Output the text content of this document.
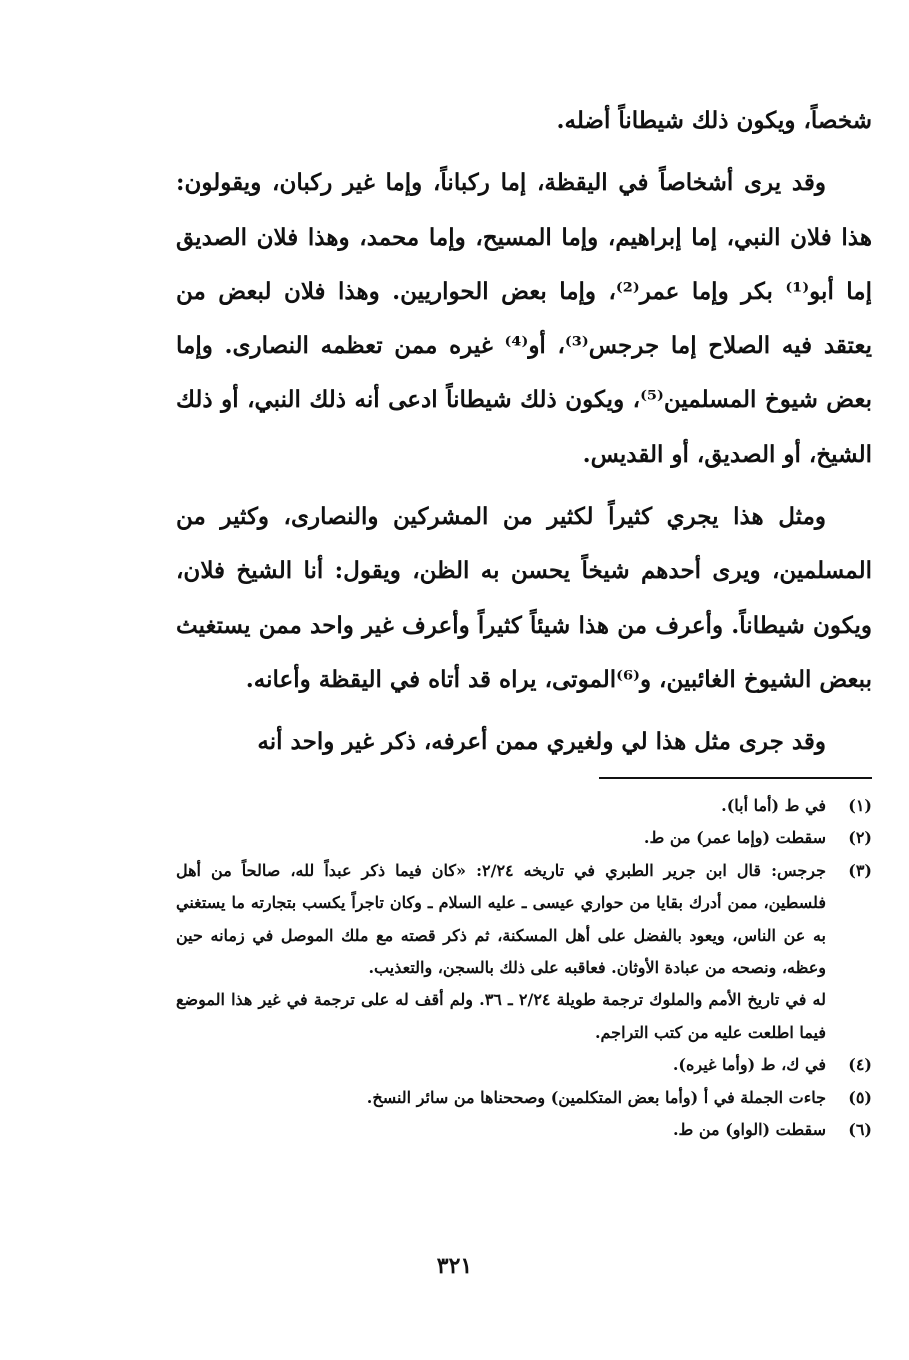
شخصاً، ويكون ذلك شيطاناً أضله.

وقد يرى أشخاصاً في اليقظة، إما ركباناً، وإما غير ركبان، ويقولون: هذا فلان النبي، إما إبراهيم، وإما المسيح، وإما محمد، وهذا فلان الصديق إما أبو⁽¹⁾ بكر وإما عمر⁽²⁾، وإما بعض الحواريين. وهذا فلان لبعض من يعتقد فيه الصلاح إما جرجس⁽³⁾، أو⁽⁴⁾ غيره ممن تعظمه النصارى. وإما بعض شيوخ المسلمين⁽⁵⁾، ويكون ذلك شيطاناً ادعى أنه ذلك النبي، أو ذلك الشيخ، أو الصديق، أو القديس.

ومثل هذا يجري كثيراً لكثير من المشركين والنصارى، وكثير من المسلمين، ويرى أحدهم شيخاً يحسن به الظن، ويقول: أنا الشيخ فلان، ويكون شيطاناً. وأعرف من هذا شيئاً كثيراً وأعرف غير واحد ممن يستغيث ببعض الشيوخ الغائبين، و⁽⁶⁾الموتى، يراه قد أتاه في اليقظة وأعانه.

وقد جرى مثل هذا لي ولغيري ممن أعرفه، ذكر غير واحد أنه

(١)
في ط (أما أبا).
(٢)
سقطت (وإما عمر) من ط.
(٣)
جرجس: قال ابن جرير الطبري في تاريخه ٢/٢٤: «كان فيما ذكر عبداً لله، صالحاً من أهل فلسطين، ممن أدرك بقايا من حواري عيسى ـ عليه السلام ـ وكان تاجراً يكسب بتجارته ما يستغني به عن الناس، ويعود بالفضل على أهل المسكنة، ثم ذكر قصته مع ملك الموصل في زمانه حين وعظه، ونصحه من عبادة الأوثان. فعاقبه على ذلك بالسجن، والتعذيب.
له في تاريخ الأمم والملوك ترجمة طويلة ٢/٢٤ ـ ٣٦. ولم أقف له على ترجمة في غير هذا الموضع فيما اطلعت عليه من كتب التراجم.
(٤)
في ك، ط (وأما غيره).
(٥)
جاءت الجملة في أ (وأما بعض المتكلمين) وصححناها من سائر النسخ.
(٦)
سقطت (الواو) من ط.
٣٢١
